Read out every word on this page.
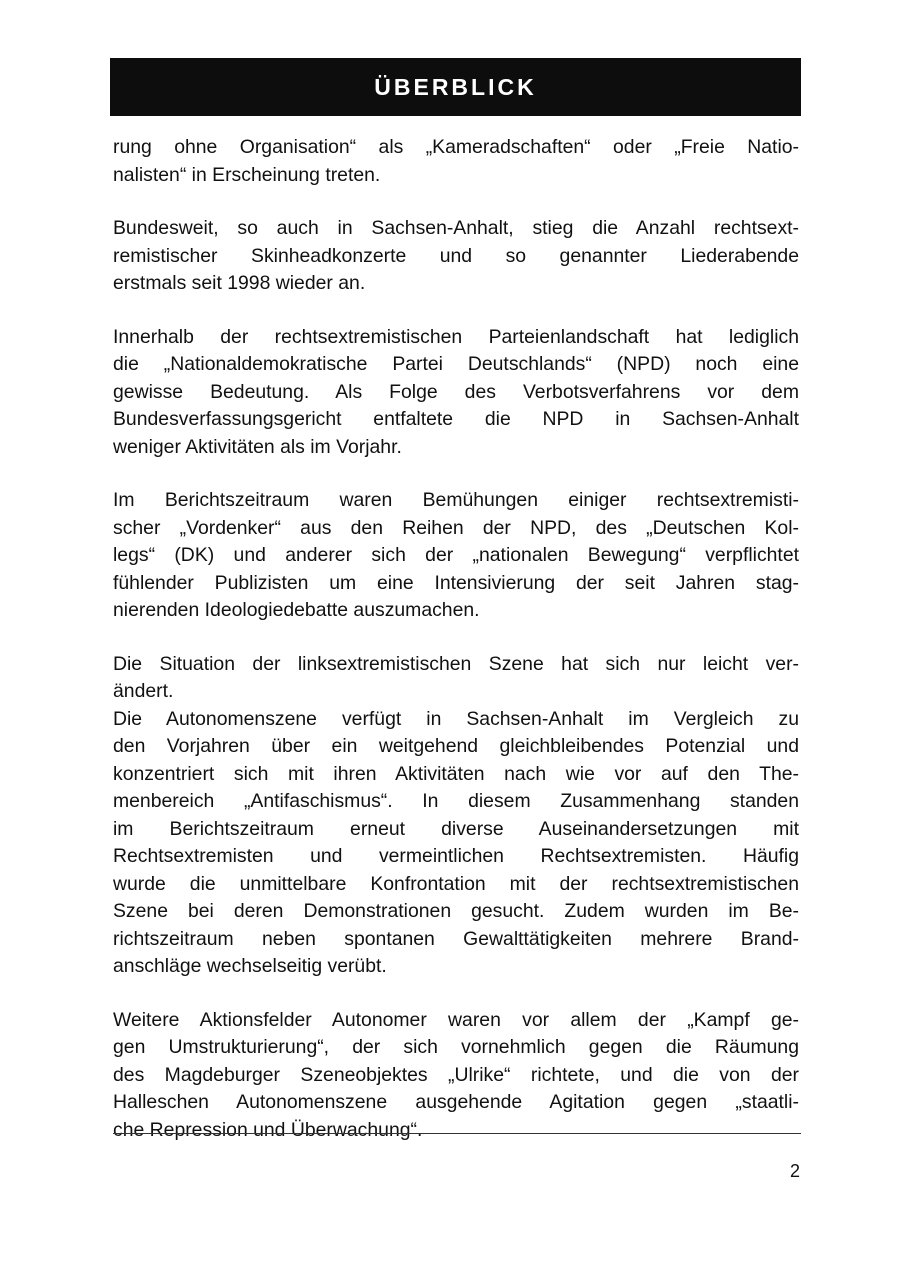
ÜBERBLICK

rung ohne Organisation“ als „Kameradschaften“ oder „Freie Natio-

nalisten“ in Erscheinung treten.

Bundesweit, so auch in Sachsen-Anhalt, stieg die Anzahl rechtsext-

remistischer Skinheadkonzerte und so genannter Liederabende

erstmals seit 1998 wieder an.

Innerhalb der rechtsextremistischen Parteienlandschaft hat lediglich

die „Nationaldemokratische Partei Deutschlands“ (NPD) noch eine

gewisse Bedeutung. Als Folge des Verbotsverfahrens vor dem

Bundesverfassungsgericht entfaltete die NPD in Sachsen-Anhalt

weniger Aktivitäten als im Vorjahr.

Im Berichtszeitraum waren Bemühungen einiger rechtsextremisti-

scher „Vordenker“ aus den Reihen der NPD, des „Deutschen Kol-

legs“ (DK) und anderer sich der „nationalen Bewegung“ verpflichtet

fühlender Publizisten um eine Intensivierung der seit Jahren stag-

nierenden Ideologiedebatte auszumachen.

Die Situation der linksextremistischen Szene hat sich nur leicht ver-

ändert.

Die Autonomenszene verfügt in Sachsen-Anhalt im Vergleich zu

den Vorjahren über ein weitgehend gleichbleibendes Potenzial und

konzentriert sich mit ihren Aktivitäten nach wie vor auf den The-

menbereich „Antifaschismus“. In diesem Zusammenhang standen

im Berichtszeitraum erneut diverse Auseinandersetzungen mit

Rechtsextremisten und vermeintlichen Rechtsextremisten. Häufig

wurde die unmittelbare Konfrontation mit der rechtsextremistischen

Szene bei deren Demonstrationen gesucht. Zudem wurden im Be-

richtszeitraum neben spontanen Gewalttätigkeiten mehrere Brand-

anschläge wechselseitig verübt.

Weitere Aktionsfelder Autonomer waren vor allem der „Kampf ge-

gen Umstrukturierung“, der sich vornehmlich gegen die Räumung

des Magdeburger Szeneobjektes „Ulrike“ richtete, und die von der

Halleschen Autonomenszene ausgehende Agitation gegen „staatli-

che Repression und Überwachung“.

2
